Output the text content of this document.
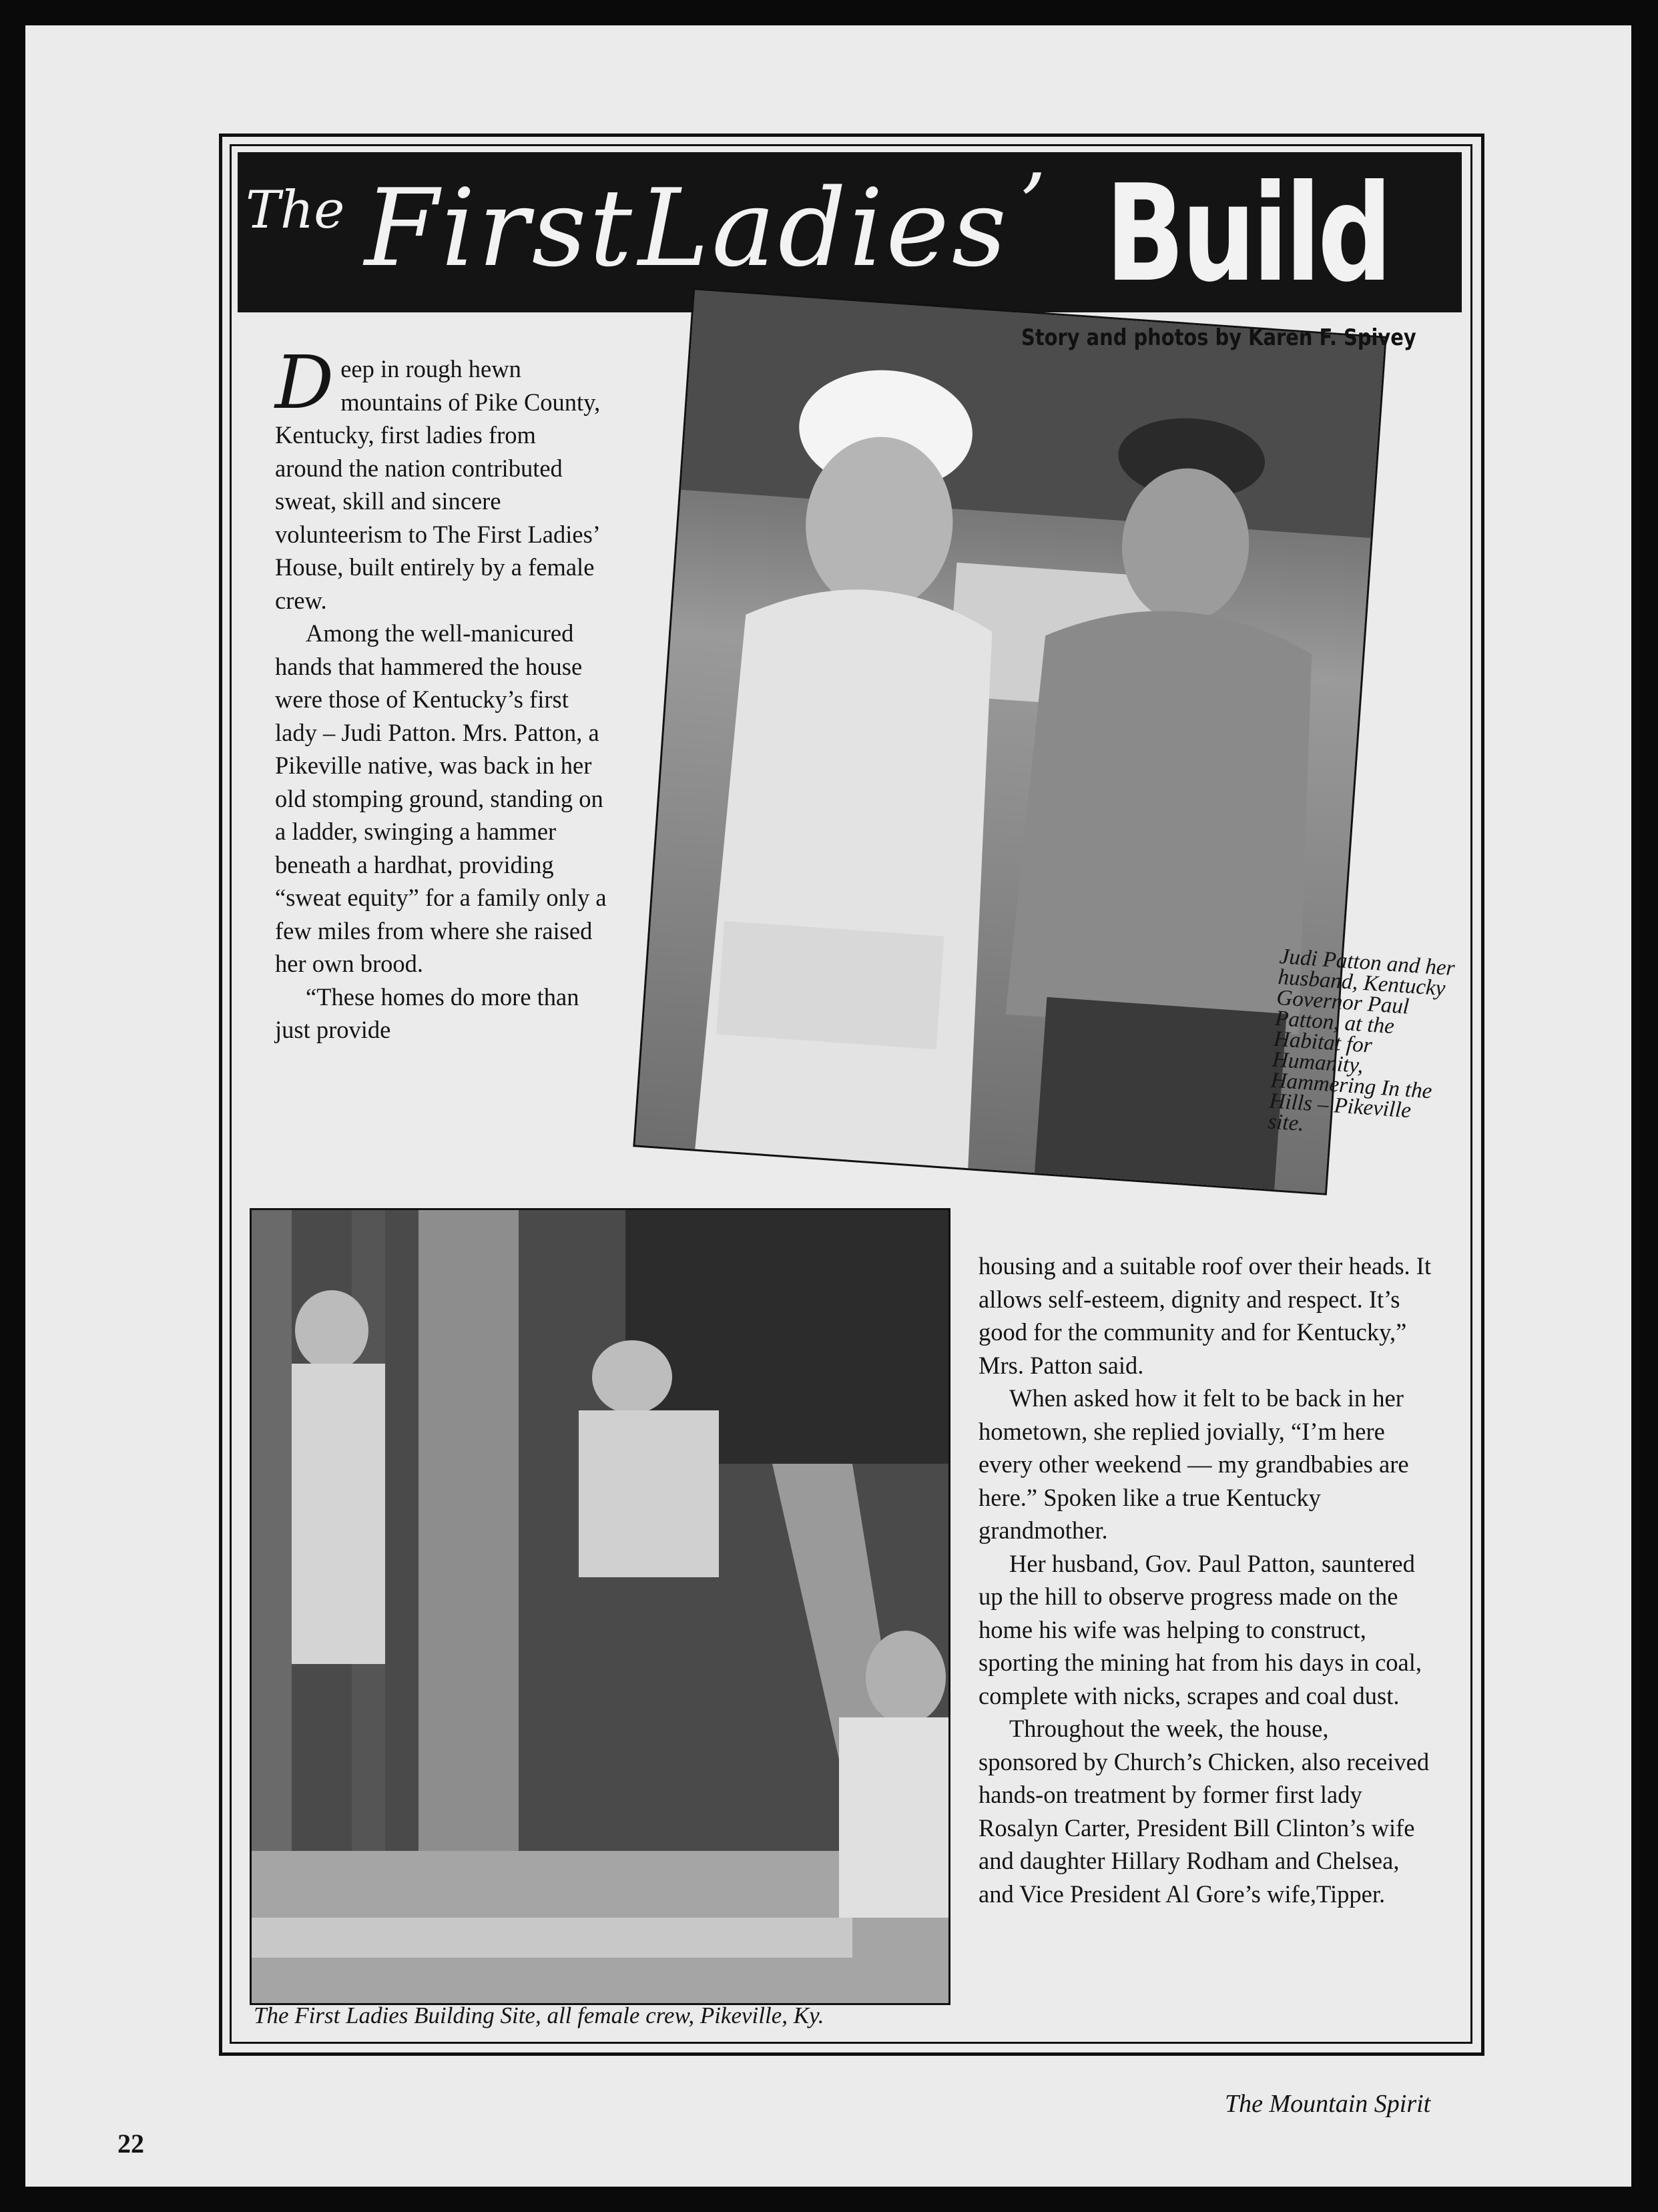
The First Ladies ’ Build
Story and photos by Karen F. Spivey

Deep in rough hewn mountains of Pike County, Kentucky, first ladies from around the nation contributed sweat, skill and sincere volunteerism to The First Ladies’ House, built entirely by a female crew.

Among the well-manicured hands that hammered the house were those of Kentucky’s first lady – Judi Patton. Mrs. Patton, a Pikeville native, was back in her old stomping ground, standing on a ladder, swinging a hammer beneath a hardhat, providing “sweat equity” for a family only a few miles from where she raised her own brood.

“These homes do more than just provide

housing and a suitable roof over their heads. It allows self-esteem, dignity and respect. It’s good for the community and for Kentucky,” Mrs. Patton said.

When asked how it felt to be back in her hometown, she replied jovially, “I’m here every other weekend — my grandbabies are here.” Spoken like a true Kentucky grandmother.

Her husband, Gov. Paul Patton, sauntered up the hill to observe progress made on the home his wife was helping to construct, sporting the mining hat from his days in coal, complete with nicks, scrapes and coal dust.

Throughout the week, the house, sponsored by Church’s Chicken, also received hands-on treatment by former first lady Rosalyn Carter, President Bill Clinton’s wife and daughter Hillary Rodham and Chelsea, and Vice President Al Gore’s wife,Tipper.

Judi Patton and her husband, Kentucky Governor Paul Patton, at the Habitat for Humanity, Hammering In the Hills – Pikeville site.
The First Ladies Building Site, all female crew, Pikeville, Ky.
The Mountain Spirit
22
